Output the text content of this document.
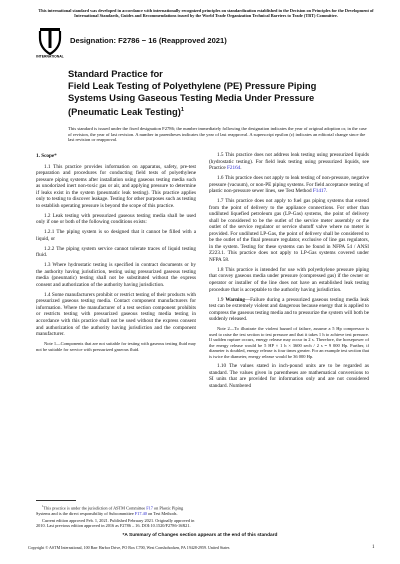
This international standard was developed in accordance with internationally recognized principles on standardization established in the Decision on Principles for the Development of International Standards, Guides and Recommendations issued by the World Trade Organization Technical Barriers to Trade (TBT) Committee.
INTERNATIONAL
Designation: F2786 − 16 (Reapproved 2021)
Standard Practice for
Field Leak Testing of Polyethylene (PE) Pressure Piping
Systems Using Gaseous Testing Media Under Pressure
(Pneumatic Leak Testing)$^1$
This standard is issued under the fixed designation F2786; the number immediately following the designation indicates the year of original adoption or, in the case of revision, the year of last revision. A number in parentheses indicates the year of last reapproval. A superscript epsilon (ε) indicates an editorial change since the last revision or reapproval.

1. Scope*

1.1 This practice provides information on apparatus, safety, pre-test preparation and procedures for conducting field tests of polyethylene pressure piping systems after installation using gaseous testing media such as unodorized inert non-toxic gas or air, and applying pressure to determine if leaks exist in the system (pneumatic leak testing). This practice applies only to testing to discover leakage. Testing for other purposes such as testing to establish operating pressure is beyond the scope of this practice.

1.2 Leak testing with pressurized gaseous testing media shall be used only if one or both of the following conditions exists:

1.2.1 The piping system is so designed that it cannot be filled with a liquid, or

1.2.2 The piping system service cannot tolerate traces of liquid testing fluid.

1.3 Where hydrostatic testing is specified in contract documents or by the authority having jurisdiction, testing using pressurized gaseous testing media (pneumatic) testing shall not be substituted without the express consent and authorization of the authority having jurisdiction.

1.4 Some manufacturers prohibit or restrict testing of their products with pressurized gaseous testing media. Contact component manufacturers for information. Where the manufacturer of a test section component prohibits or restricts testing with pressurized gaseous testing media testing in accordance with this practice shall not be used without the express consent and authorization of the authority having jurisdiction and the component manufacturer.

Note 1—Components that are not suitable for testing with gaseous testing fluid may not be suitable for service with pressurized gaseous fluid.

$^1$This practice is under the jurisdiction of ASTM Committee F17 on Plastic Piping Systems and is the direct responsibility of Subcommittee F17.40 on Test Methods.

Current edition approved Feb. 1, 2021. Published February 2021. Originally approved in 2010. Last previous edition approved in 2016 as F2786 – 16. DOI:10.1520/F2786-16R21.

1.5 This practice does not address leak testing using pressurized liquids (hydrostatic testing). For field leak testing using pressurized liquids, see Practice F2164.

1.6 This practice does not apply to leak testing of non-pressure, negative pressure (vacuum), or non-PE piping systems. For field acceptance testing of plastic non-pressure sewer lines, see Test Method F1417.

1.7 This practice does not apply to fuel gas piping systems that extend from the point of delivery to the appliance connections. For other than undiluted liquefied petroleum gas (LP-Gas) systems, the point of delivery shall be considered to be the outlet of the service meter assembly or the outlet of the service regulator or service shutoff valve where no meter is provided. For undiluted LP-Gas, the point of delivery shall be considered to be the outlet of the final pressure regulator, exclusive of line gas regulators, in the system. Testing for these systems can be found in NFPA 54 / ANSI Z223.1. This practice does not apply to LP-Gas systems covered under NFPA 58.

1.8 This practice is intended for use with polyethylene pressure piping that convey gaseous media under pressure (compressed gas) if the owner or operator or installer of the line does not have an established leak testing procedure that is acceptable to the authority having jurisdiction.

1.9 Warning—Failure during a pressurized gaseous testing media leak test can be extremely violent and dangerous because energy that is applied to compress the gaseous testing media and to pressurize the system will both be suddenly released.

Note 2—To illustrate the violent hazard of failure, assume a 5 Hp compressor is used to raise the test section to test pressure and that it takes 1 h to achieve test pressure. If sudden rupture occurs, energy release may occur in 2 s. Therefore, the horsepower of the energy release would be 5 HP × 1 h × 3600 sech / 2 s = 9 000 Hp. Further, if diameter is doubled, energy release is four times greater. For an example test section that is twice the diameter, energy release would be 36 000 Hp.

1.10 The values stated in inch-pound units are to be regarded as standard. The values given in parentheses are mathematical conversions to SI units that are provided for information only and are not considered standard. Numbered

*A Summary of Changes section appears at the end of this standard
Copyright © ASTM International, 100 Barr Harbor Drive, PO Box C700, West Conshohocken, PA 19428-2959. United States	1
